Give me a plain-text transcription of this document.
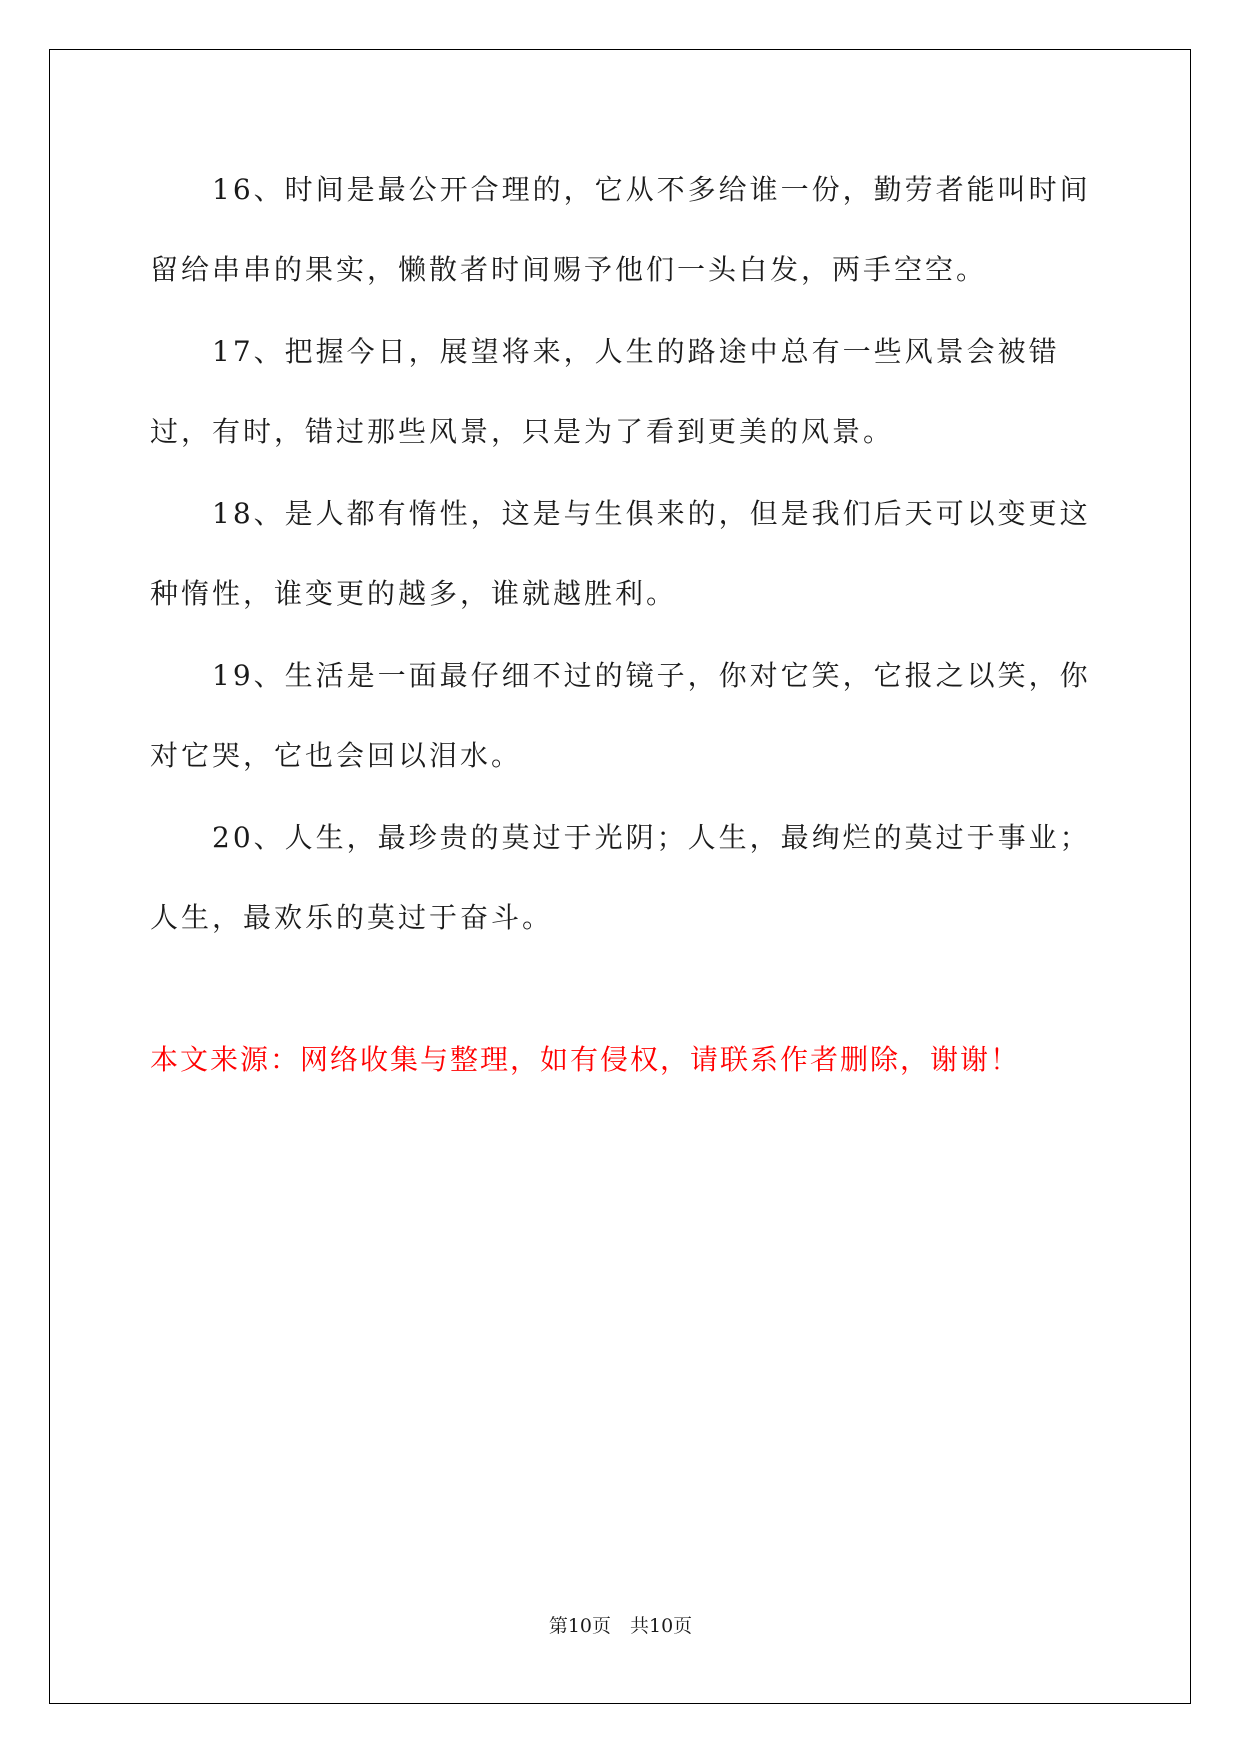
16、时间是最公开合理的，它从不多给谁一份，勤劳者能叫时间留给串串的果实，懒散者时间赐予他们一头白发，两手空空。

17、把握今日，展望将来，人生的路途中总有一些风景会被错过，有时，错过那些风景，只是为了看到更美的风景。

18、是人都有惰性，这是与生俱来的，但是我们后天可以变更这种惰性，谁变更的越多，谁就越胜利。

19、生活是一面最仔细不过的镜子，你对它笑，它报之以笑，你对它哭，它也会回以泪水。

20、人生，最珍贵的莫过于光阴；人生，最绚烂的莫过于事业；人生，最欢乐的莫过于奋斗。

本文来源：网络收集与整理，如有侵权，请联系作者删除，谢谢！
第10页　共10页
